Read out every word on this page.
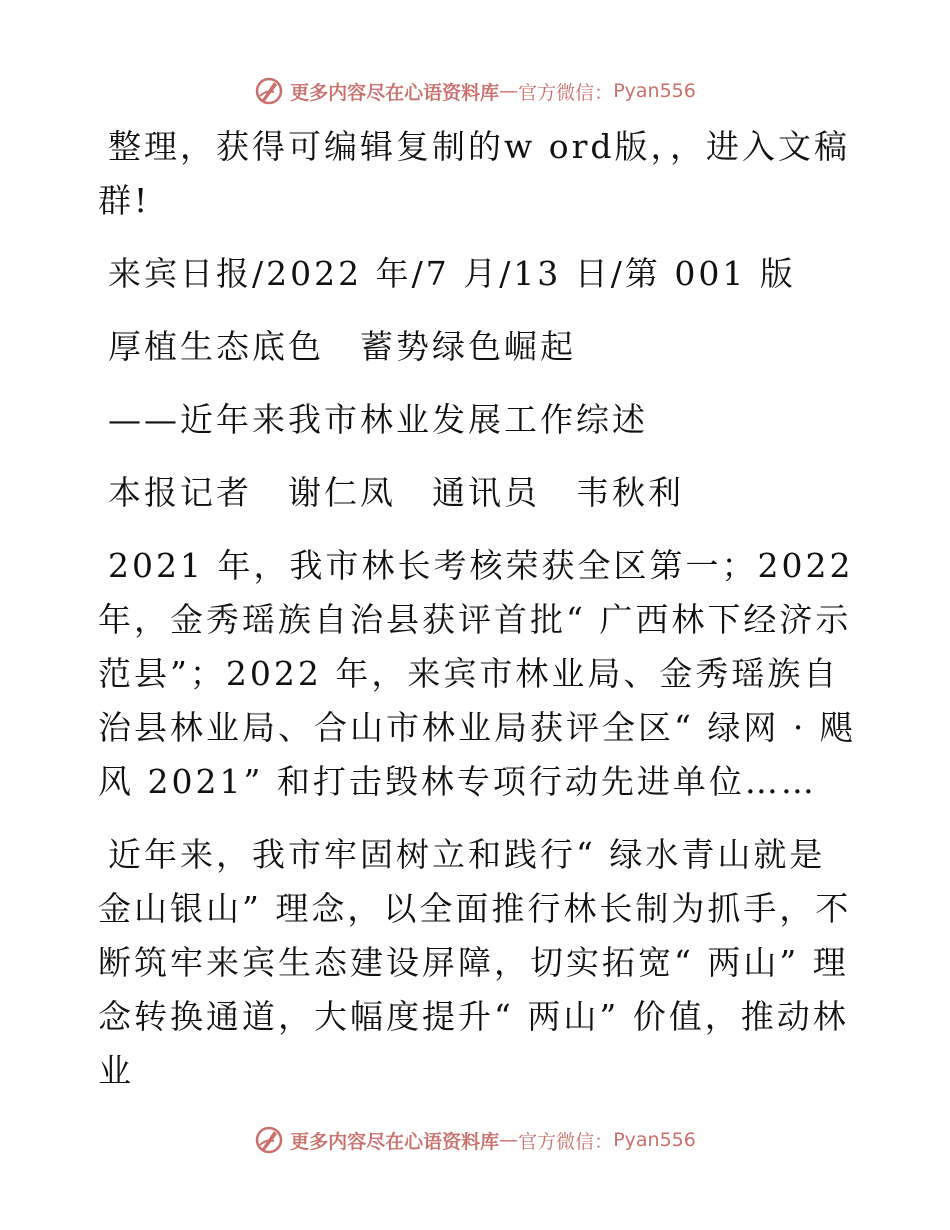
更多内容尽在心语资料库 — 官方微信： Pyan556

整理，获得可编辑复制的w ord版，，进入文稿群!

来宾日报/2022 年/7 月/13 日/第 001 版

厚植生态底色　蓄势绿色崛起

——近年来我市林业发展工作综述

本报记者　谢仁凤　通讯员　韦秋利

2021 年，我市林长考核荣获全区第一；2022 年，金秀瑶族自治县获评首批“ 广西林下经济示范县”；2022 年，来宾市林业局、金秀瑶族自治县林业局、合山市林业局获评全区“ 绿网 · 飓风 2021” 和打击毁林专项行动先进单位……

近年来，我市牢固树立和践行“ 绿水青山就是金山银山” 理念，以全面推行林长制为抓手，不断筑牢来宾生态建设屏障，切实拓宽“ 两山” 理念转换通道，大幅度提升“ 两山” 价值，推动林业

更多内容尽在心语资料库 — 官方微信： Pyan556
